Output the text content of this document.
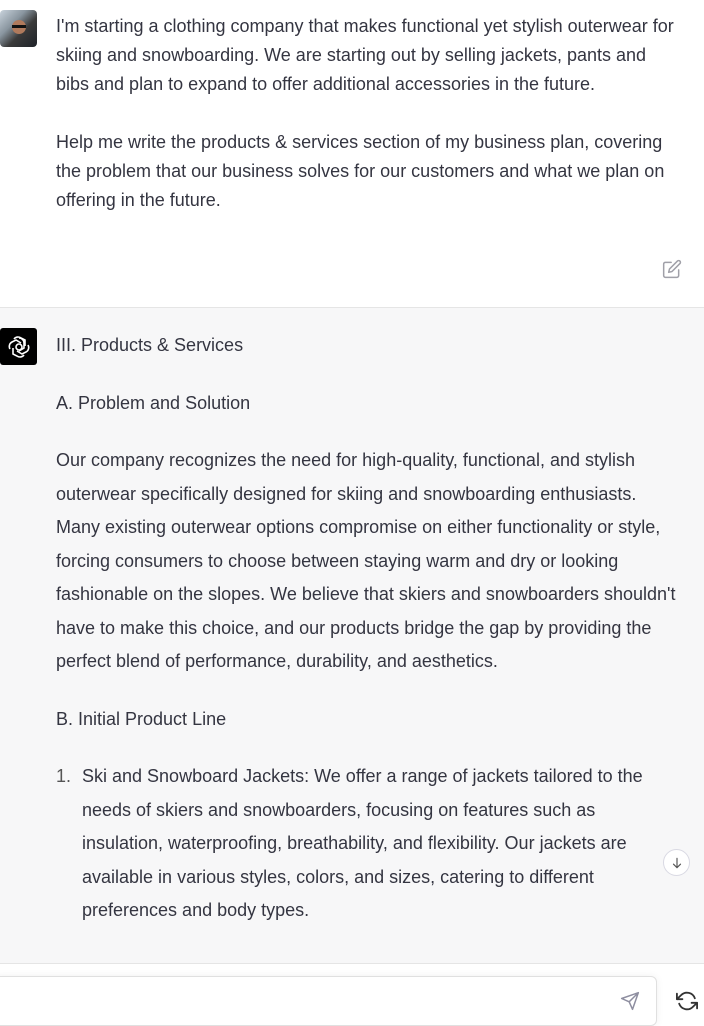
I'm starting a clothing company that makes functional yet stylish outerwear for skiing and snowboarding. We are starting out by selling jackets, pants and bibs and plan to expand to offer additional accessories in the future.

Help me write the products & services section of my business plan, covering the problem that our business solves for our customers and what we plan on offering in the future.

III. Products & Services

A. Problem and Solution

Our company recognizes the need for high-quality, functional, and stylish outerwear specifically designed for skiing and snowboarding enthusiasts. Many existing outerwear options compromise on either functionality or style, forcing consumers to choose between staying warm and dry or looking fashionable on the slopes. We believe that skiers and snowboarders shouldn't have to make this choice, and our products bridge the gap by providing the perfect blend of performance, durability, and aesthetics.

B. Initial Product Line

1. Ski and Snowboard Jackets: We offer a range of jackets tailored to the needs of skiers and snowboarders, focusing on features such as insulation, waterproofing, breathability, and flexibility. Our jackets are available in various styles, colors, and sizes, catering to different preferences and body types.
